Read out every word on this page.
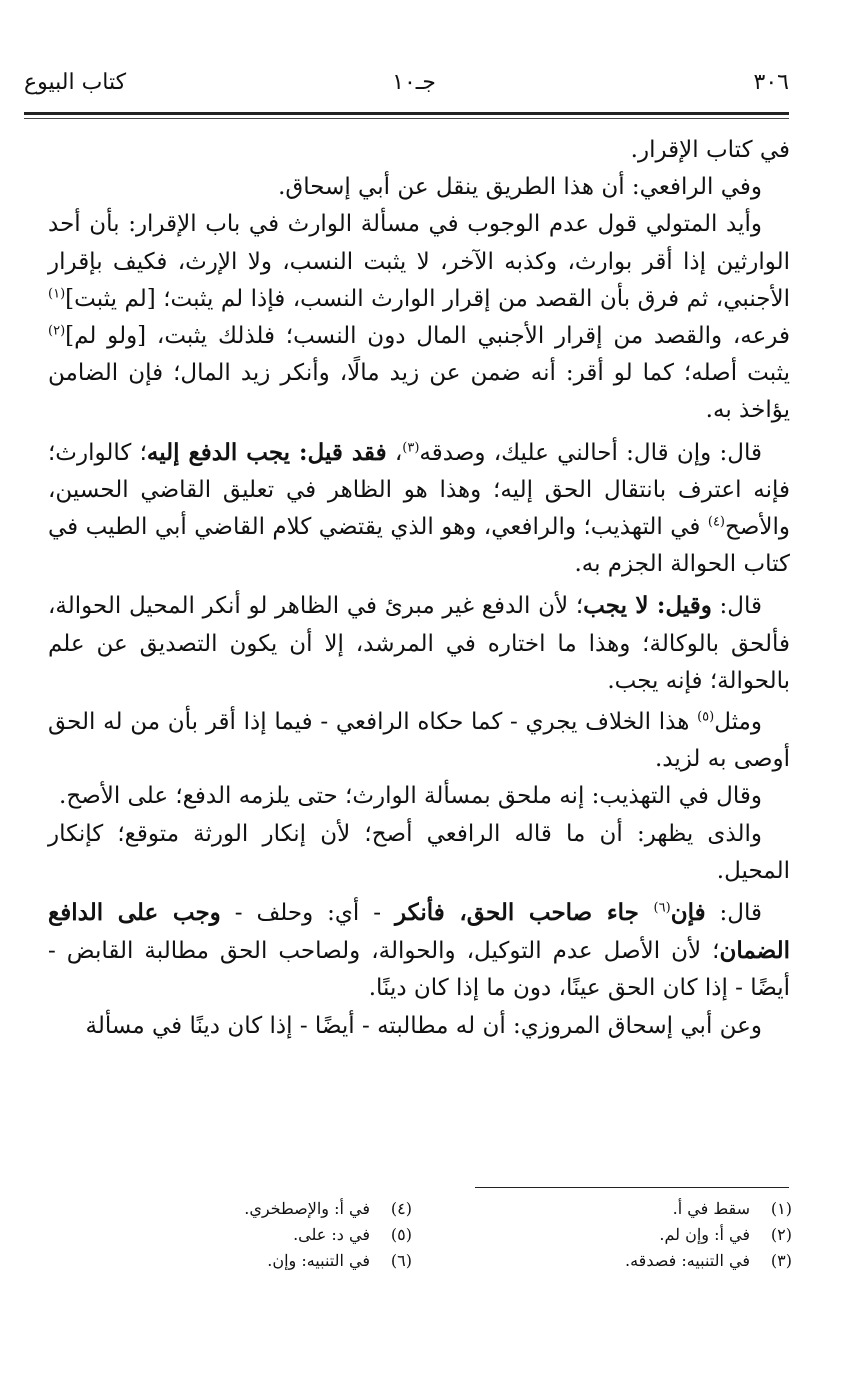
٣٠٦
جـ١٠
كتاب البيوع

في كتاب الإقرار.

وفي الرافعي: أن هذا الطريق ينقل عن أبي إسحاق.

وأيد المتولي قول عدم الوجوب في مسألة الوارث في باب الإقرار: بأن أحد الوارثين إذا أقر بوارث، وكذبه الآخر، لا يثبت النسب، ولا الإرث، فكيف بإقرار الأجنبي، ثم فرق بأن القصد من إقرار الوارث النسب، فإذا لم يثبت؛ [لم يثبت]$^{(١)}$ فرعه، والقصد من إقرار الأجنبي المال دون النسب؛ فلذلك يثبت، [ولو لم]$^{(٢)}$ يثبت أصله؛ كما لو أقر: أنه ضمن عن زيد مالًا، وأنكر زيد المال؛ فإن الضامن يؤاخذ به.

قال: وإن قال: أحالني عليك، وصدقه$^{(٣)}$، فقد قيل: يجب الدفع إليه؛ كالوارث؛ فإنه اعترف بانتقال الحق إليه؛ وهذا هو الظاهر في تعليق القاضي الحسين، والأصح$^{(٤)}$ في التهذيب؛ والرافعي، وهو الذي يقتضي كلام القاضي أبي الطيب في كتاب الحوالة الجزم به.

قال: وقيل: لا يجب؛ لأن الدفع غير مبرئ في الظاهر لو أنكر المحيل الحوالة، فألحق بالوكالة؛ وهذا ما اختاره في المرشد، إلا أن يكون التصديق عن علم بالحوالة؛ فإنه يجب.

ومثل$^{(٥)}$ هذا الخلاف يجري - كما حكاه الرافعي - فيما إذا أقر بأن من له الحق أوصى به لزيد.

وقال في التهذيب: إنه ملحق بمسألة الوارث؛ حتى يلزمه الدفع؛ على الأصح.

والذى يظهر: أن ما قاله الرافعي أصح؛ لأن إنكار الورثة متوقع؛ كإنكار المحيل.

قال: فإن$^{(٦)}$ جاء صاحب الحق، فأنكر - أي: وحلف - وجب على الدافع الضمان؛ لأن الأصل عدم التوكيل، والحوالة، ولصاحب الحق مطالبة القابض - أيضًا - إذا كان الحق عينًا، دون ما إذا كان دينًا.

وعن أبي إسحاق المروزي: أن له مطالبته - أيضًا - إذا كان دينًا في مسألة

(١)سقط في أ.
(٢)في أ: وإن لم.
(٣)في التنبيه: فصدقه.
(٤)في أ: والإصطخري.
(٥)في د: على.
(٦)في التنبيه: وإن.
